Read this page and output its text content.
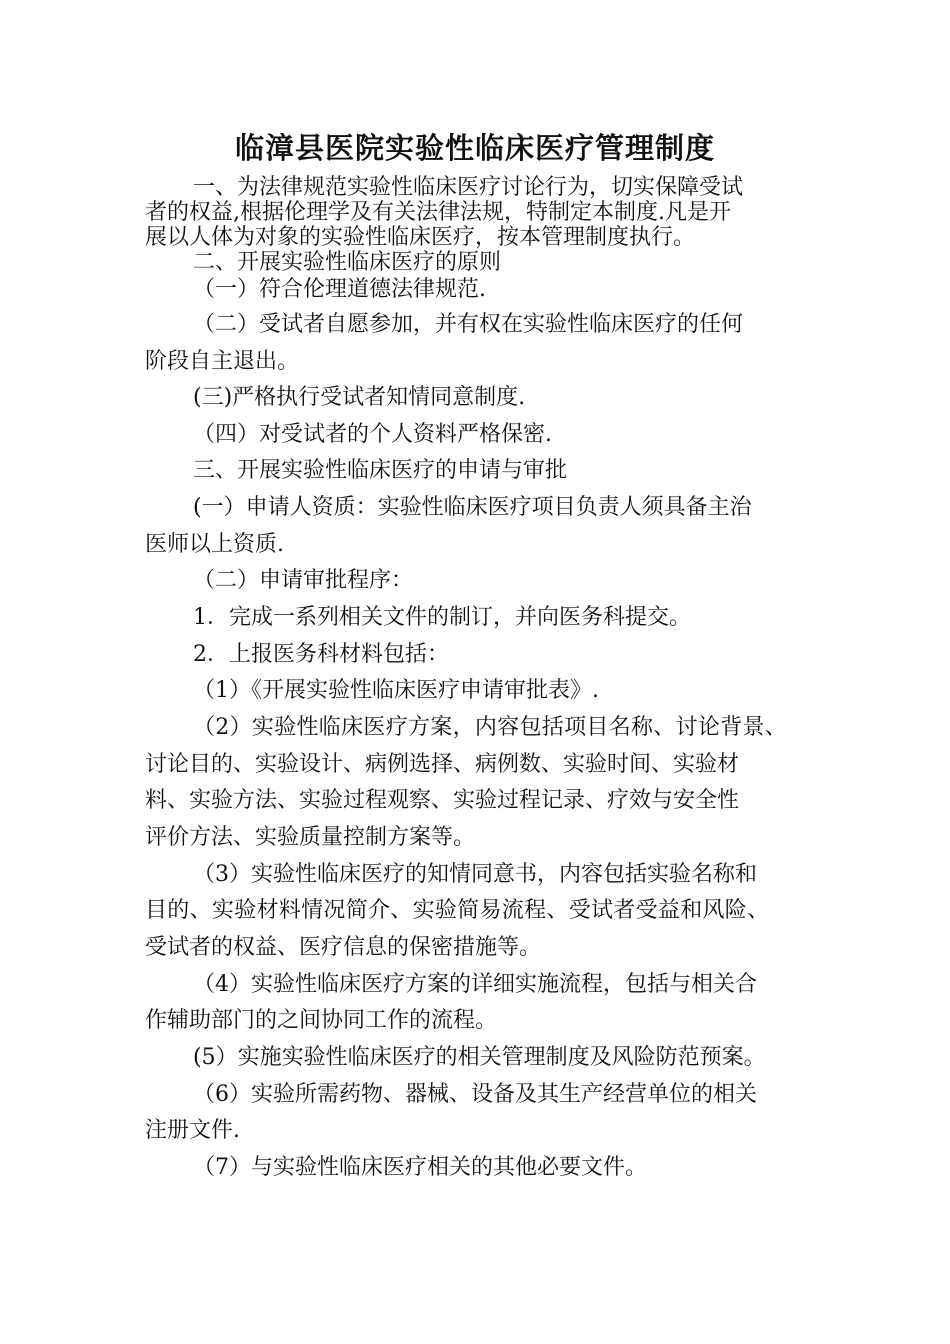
临漳县医院实验性临床医疗管理制度
一、为法律规范实验性临床医疗讨论行为，切实保障受试
者的权益,根据伦理学及有关法律法规，特制定本制度.凡是开
展以人体为对象的实验性临床医疗，按本管理制度执行。
二、开展实验性临床医疗的原则
（一）符合伦理道德法律规范.
（二）受试者自愿参加，并有权在实验性临床医疗的任何
阶段自主退出。
(三)严格执行受试者知情同意制度.
（四）对受试者的个人资料严格保密.
三、开展实验性临床医疗的申请与审批
(一）申请人资质：实验性临床医疗项目负责人须具备主治
医师以上资质.
（二）申请审批程序：
1．完成一系列相关文件的制订，并向医务科提交。
2．上报医务科材料包括：
（1）《开展实验性临床医疗申请审批表》.
（2）实验性临床医疗方案，内容包括项目名称、讨论背景、
讨论目的、实验设计、病例选择、病例数、实验时间、实验材
料、实验方法、实验过程观察、实验过程记录、疗效与安全性
评价方法、实验质量控制方案等。
（3）实验性临床医疗的知情同意书，内容包括实验名称和
目的、实验材料情况简介、实验简易流程、受试者受益和风险、
受试者的权益、医疗信息的保密措施等。
（4）实验性临床医疗方案的详细实施流程，包括与相关合
作辅助部门的之间协同工作的流程。
(5）实施实验性临床医疗的相关管理制度及风险防范预案。
（6）实验所需药物、器械、设备及其生产经营单位的相关
注册文件.
（7）与实验性临床医疗相关的其他必要文件。
